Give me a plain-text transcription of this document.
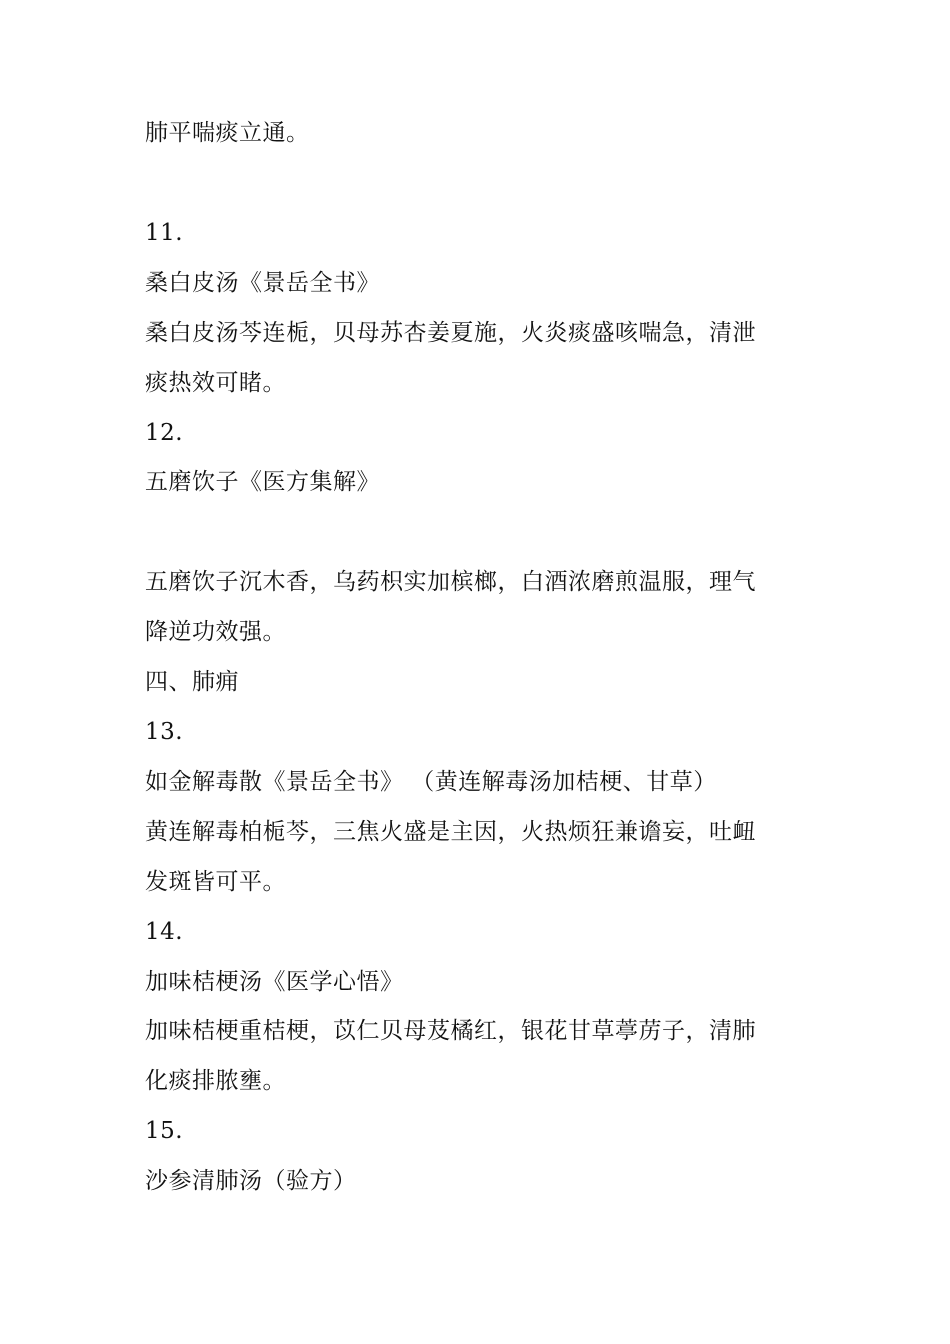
肺平喘痰立通。
11.
桑白皮汤《景岳全书》
桑白皮汤芩连栀，贝母苏杏姜夏施，火炎痰盛咳喘急，清泄
痰热效可睹。
12.
五磨饮子《医方集解》
五磨饮子沉木香，乌药枳实加槟榔，白酒浓磨煎温服，理气
降逆功效强。
四、肺痈
13.
如金解毒散《景岳全书》 （黄连解毒汤加桔梗、甘草）
黄连解毒柏栀芩，三焦火盛是主因，火热烦狂兼谵妄，吐衄
发斑皆可平。
14.
加味桔梗汤《医学心悟》
加味桔梗重桔梗，苡仁贝母芨橘红，银花甘草葶苈子，清肺
化痰排脓壅。
15.
沙参清肺汤（验方）
